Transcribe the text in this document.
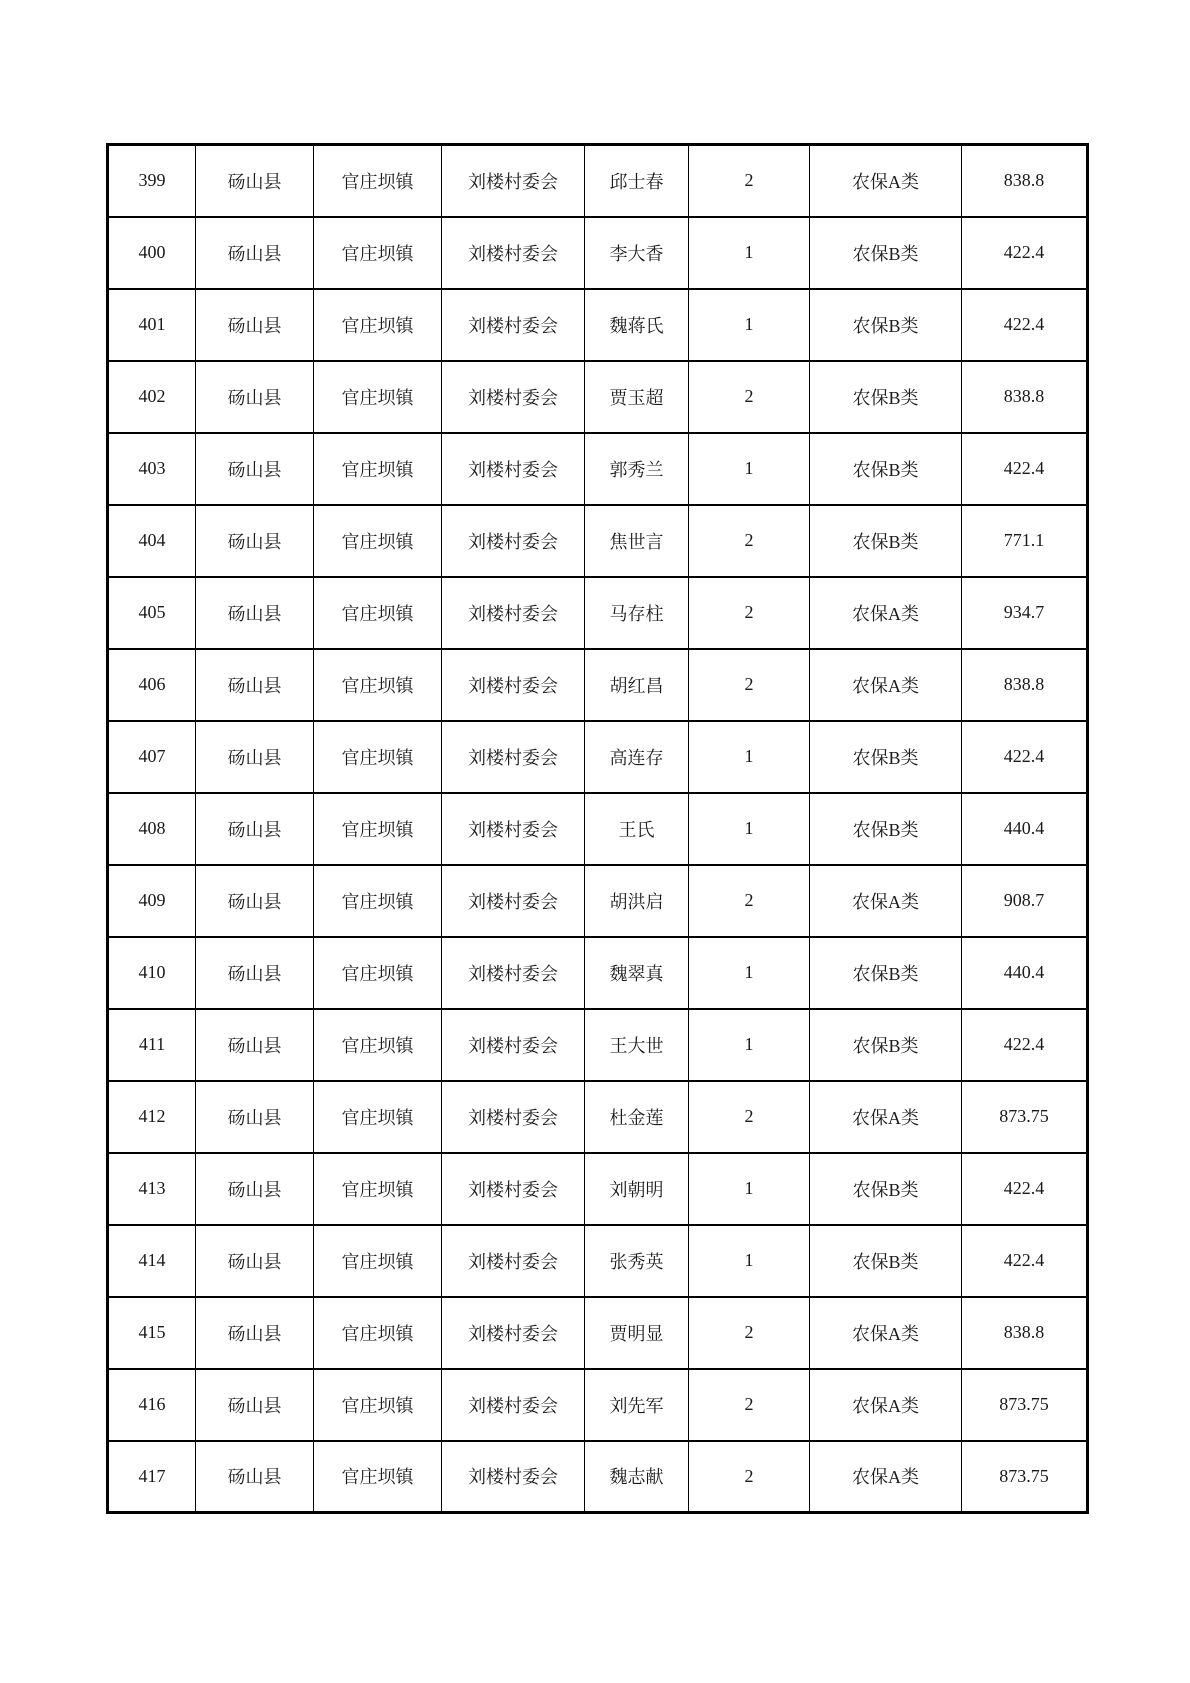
399	砀山县	官庄坝镇	刘楼村委会	邱士春	2	农保A类	838.8
400	砀山县	官庄坝镇	刘楼村委会	李大香	1	农保B类	422.4
401	砀山县	官庄坝镇	刘楼村委会	魏蒋氏	1	农保B类	422.4
402	砀山县	官庄坝镇	刘楼村委会	贾玉超	2	农保B类	838.8
403	砀山县	官庄坝镇	刘楼村委会	郭秀兰	1	农保B类	422.4
404	砀山县	官庄坝镇	刘楼村委会	焦世言	2	农保B类	771.1
405	砀山县	官庄坝镇	刘楼村委会	马存柱	2	农保A类	934.7
406	砀山县	官庄坝镇	刘楼村委会	胡红昌	2	农保A类	838.8
407	砀山县	官庄坝镇	刘楼村委会	高连存	1	农保B类	422.4
408	砀山县	官庄坝镇	刘楼村委会	王氏	1	农保B类	440.4
409	砀山县	官庄坝镇	刘楼村委会	胡洪启	2	农保A类	908.7
410	砀山县	官庄坝镇	刘楼村委会	魏翠真	1	农保B类	440.4
411	砀山县	官庄坝镇	刘楼村委会	王大世	1	农保B类	422.4
412	砀山县	官庄坝镇	刘楼村委会	杜金莲	2	农保A类	873.75
413	砀山县	官庄坝镇	刘楼村委会	刘朝明	1	农保B类	422.4
414	砀山县	官庄坝镇	刘楼村委会	张秀英	1	农保B类	422.4
415	砀山县	官庄坝镇	刘楼村委会	贾明显	2	农保A类	838.8
416	砀山县	官庄坝镇	刘楼村委会	刘先军	2	农保A类	873.75
417	砀山县	官庄坝镇	刘楼村委会	魏志献	2	农保A类	873.75
